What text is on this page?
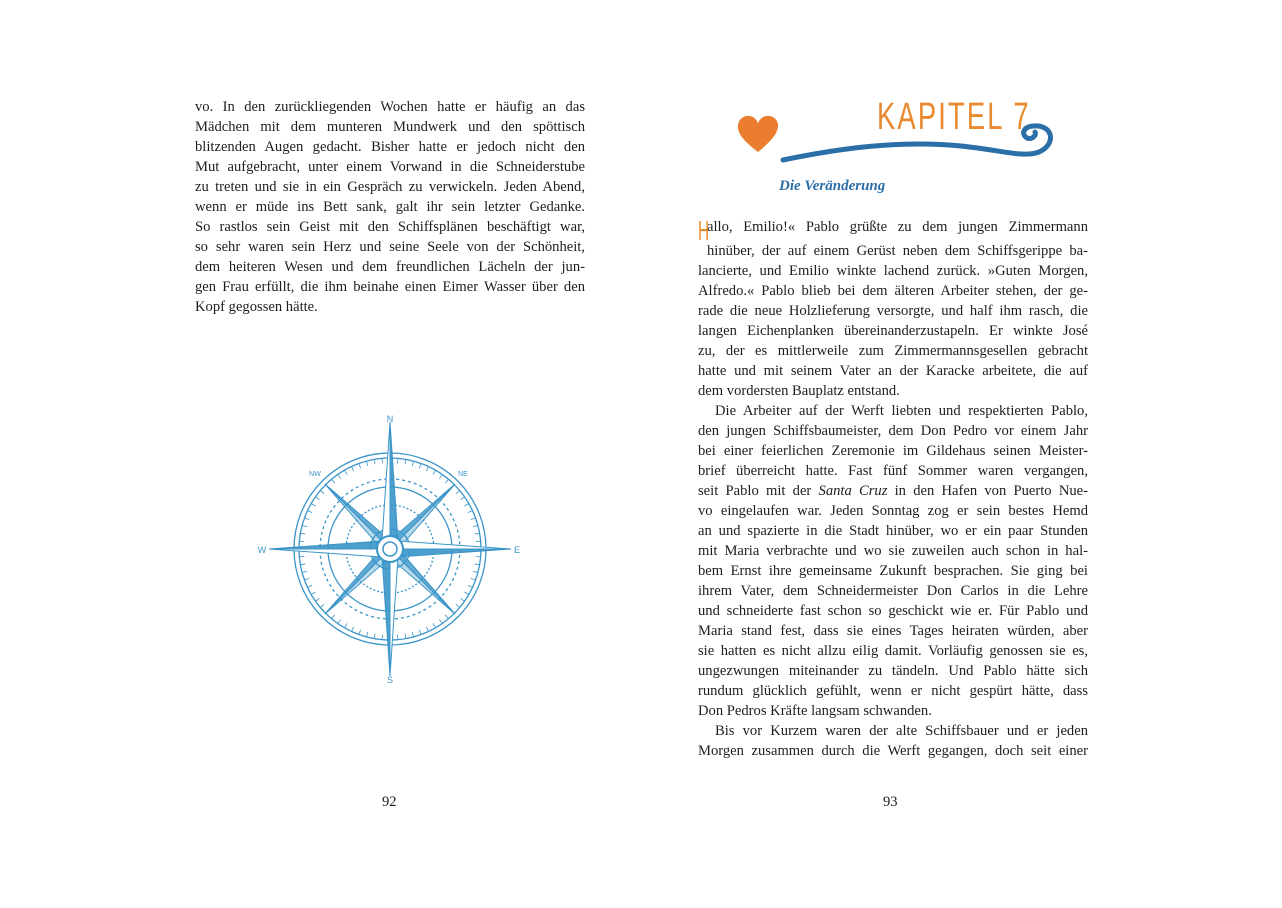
vo. In den zurückliegenden Wochen hatte er häufig an das
Mädchen mit dem munteren Mundwerk und den spöttisch
blitzenden Augen gedacht. Bisher hatte er jedoch nicht den
Mut aufgebracht, unter einem Vorwand in die Schneiderstube
zu treten und sie in ein Gespräch zu verwickeln. Jeden Abend,
wenn er müde ins Bett sank, galt ihr sein letzter Gedanke.
So rastlos sein Geist mit den Schiffsplänen beschäftigt war,
so sehr waren sein Herz und seine Seele von der Schönheit,
dem heiteren Wesen und dem freundlichen Lächeln der jun-
gen Frau erfüllt, die ihm beinahe einen Eimer Wasser über den
Kopf gegossen hätte.
N
S
E
W
NE
NW
92
KAPITEL 7
Die Veränderung
Hallo, Emilio!« Pablo grüßte zu dem jungen Zimmermann
hinüber, der auf einem Gerüst neben dem Schiffsgerippe ba-
lancierte, und Emilio winkte lachend zurück. »Guten Morgen,
Alfredo.« Pablo blieb bei dem älteren Arbeiter stehen, der ge-
rade die neue Holzlieferung versorgte, und half ihm rasch, die
langen Eichenplanken übereinanderzustapeln. Er winkte José
zu, der es mittlerweile zum Zimmermannsgesellen gebracht
hatte und mit seinem Vater an der Karacke arbeitete, die auf
dem vordersten Bauplatz entstand.
Die Arbeiter auf der Werft liebten und respektierten Pablo,
den jungen Schiffsbaumeister, dem Don Pedro vor einem Jahr
bei einer feierlichen Zeremonie im Gildehaus seinen Meister-
brief überreicht hatte. Fast fünf Sommer waren vergangen,
seit Pablo mit der Santa Cruz in den Hafen von Puerto Nue-
vo eingelaufen war. Jeden Sonntag zog er sein bestes Hemd
an und spazierte in die Stadt hinüber, wo er ein paar Stunden
mit Maria verbrachte und wo sie zuweilen auch schon in hal-
bem Ernst ihre gemeinsame Zukunft besprachen. Sie ging bei
ihrem Vater, dem Schneidermeister Don Carlos in die Lehre
und schneiderte fast schon so geschickt wie er. Für Pablo und
Maria stand fest, dass sie eines Tages heiraten würden, aber
sie hatten es nicht allzu eilig damit. Vorläufig genossen sie es,
ungezwungen miteinander zu tändeln. Und Pablo hätte sich
rundum glücklich gefühlt, wenn er nicht gespürt hätte, dass
Don Pedros Kräfte langsam schwanden.
Bis vor Kurzem waren der alte Schiffsbauer und er jeden
Morgen zusammen durch die Werft gegangen, doch seit einer
93
